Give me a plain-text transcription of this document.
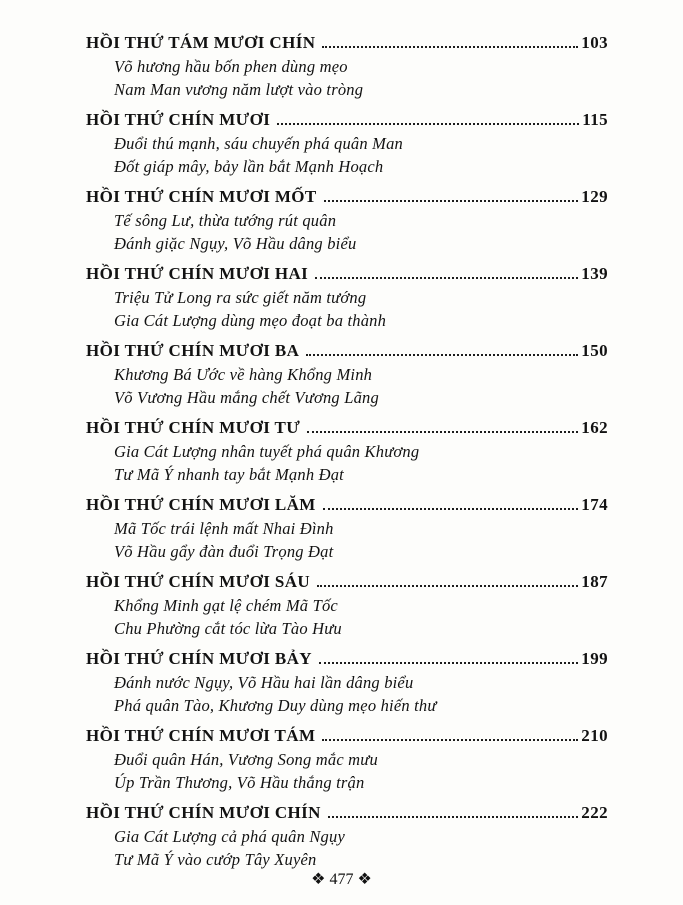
HỒI THỨ TÁM MƯƠI CHÍN	103
Võ hương hầu bốn phen dùng mẹo
Nam Man vương năm lượt vào tròng
HỒI THỨ CHÍN MƯƠI	115
Đuổi thú mạnh, sáu chuyến phá quân Man
Đốt giáp mây, bảy lần bắt Mạnh Hoạch
HỒI THỨ CHÍN MƯƠI MỐT	129
Tế sông Lư, thừa tướng rút quân
Đánh giặc Ngụy, Võ Hầu dâng biểu
HỒI THỨ CHÍN MƯƠI HAI	139
Triệu Tử Long ra sức giết năm tướng
Gia Cát Lượng dùng mẹo đoạt ba thành
HỒI THỨ CHÍN MƯƠI BA	150
Khương Bá Ước về hàng Khổng Minh
Võ Vương Hầu mắng chết Vương Lãng
HỒI THỨ CHÍN MƯƠI TƯ	162
Gia Cát Lượng nhân tuyết phá quân Khương
Tư Mã Ý nhanh tay bắt Mạnh Đạt
HỒI THỨ CHÍN MƯƠI LĂM	174
Mã Tốc trái lệnh mất Nhai Đình
Võ Hầu gẩy đàn đuổi Trọng Đạt
HỒI THỨ CHÍN MƯƠI SÁU	187
Khổng Minh gạt lệ chém Mã Tốc
Chu Phường cắt tóc lừa Tào Hưu
HỒI THỨ CHÍN MƯƠI BẢY	199
Đánh nước Ngụy, Võ Hầu hai lần dâng biểu
Phá quân Tào, Khương Duy dùng mẹo hiến thư
HỒI THỨ CHÍN MƯƠI TÁM	210
Đuổi quân Hán, Vương Song mắc mưu
Úp Trần Thương, Võ Hầu thắng trận
HỒI THỨ CHÍN MƯƠI CHÍN	222
Gia Cát Lượng cả phá quân Ngụy
Tư Mã Ý vào cướp Tây Xuyên
❖ 477 ❖
